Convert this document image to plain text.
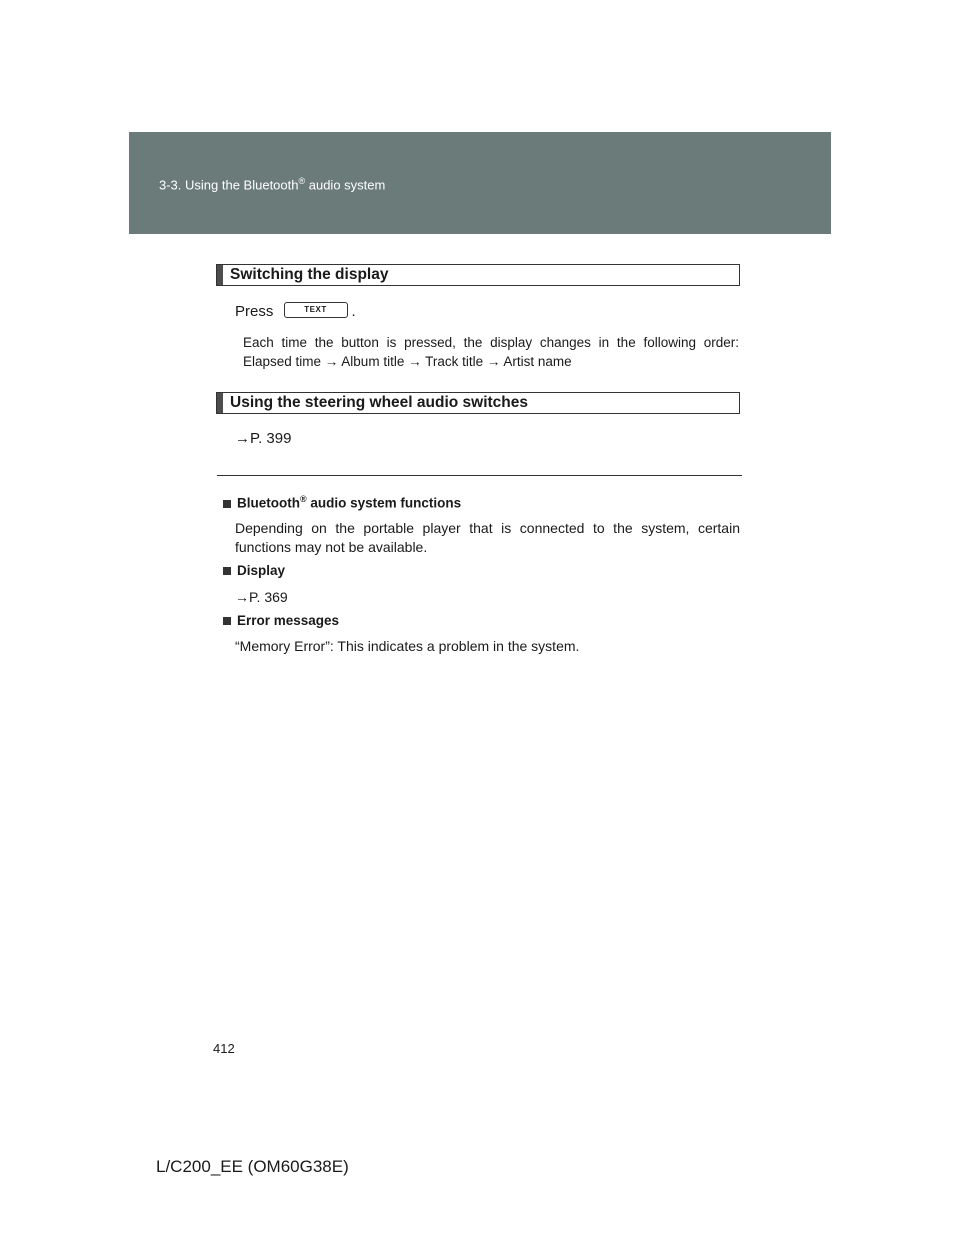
3-3. Using the Bluetooth® audio system
Switching the display
Press	TEXT .
Each time the button is pressed, the display changes in the following order: Elapsed time → Album title → Track title → Artist name
Using the steering wheel audio switches
→P. 399
Bluetooth® audio system functions
Depending on the portable player that is connected to the system, certain functions may not be available.
Display
→P. 369
Error messages
“Memory Error”: This indicates a problem in the system.
412
L/C200_EE (OM60G38E)
